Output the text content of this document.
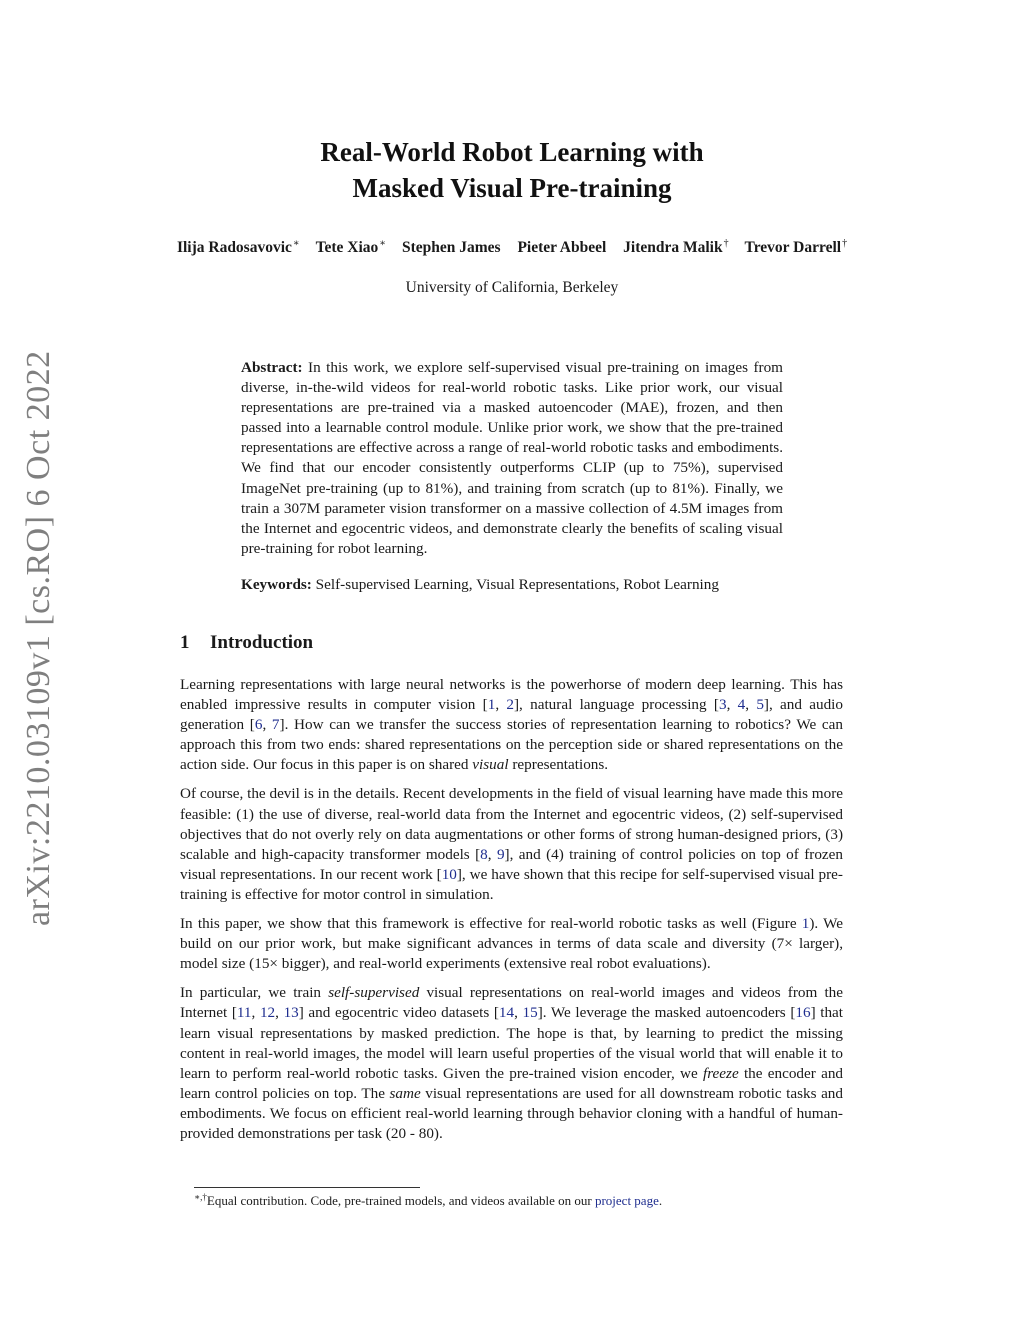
arXiv:2210.03109v1 [cs.RO] 6 Oct 2022
Real-World Robot Learning with
Masked Visual Pre-training
Ilija Radosavovic∗ Tete Xiao∗ Stephen James Pieter Abbeel Jitendra Malik† Trevor Darrell†
University of California, Berkeley
Abstract: In this work, we explore self-supervised visual pre-training on images from diverse, in-the-wild videos for real-world robotic tasks. Like prior work, our visual representations are pre-trained via a masked autoencoder (MAE), frozen, and then passed into a learnable control module. Unlike prior work, we show that the pre-trained representations are effective across a range of real-world robotic tasks and embodiments. We find that our encoder consistently outperforms CLIP (up to 75%), supervised ImageNet pre-training (up to 81%), and training from scratch (up to 81%). Finally, we train a 307M parameter vision transformer on a massive collection of 4.5M images from the Internet and egocentric videos, and demonstrate clearly the benefits of scaling visual pre-training for robot learning.
Keywords: Self-supervised Learning, Visual Representations, Robot Learning
1 Introduction

Learning representations with large neural networks is the powerhorse of modern deep learning. This has enabled impressive results in computer vision [1, 2], natural language processing [3, 4, 5], and audio generation [6, 7]. How can we transfer the success stories of representation learning to robotics? We can approach this from two ends: shared representations on the perception side or shared representations on the action side. Our focus in this paper is on shared visual representations.

Of course, the devil is in the details. Recent developments in the field of visual learning have made this more feasible: (1) the use of diverse, real-world data from the Internet and egocentric videos, (2) self-supervised objectives that do not overly rely on data augmentations or other forms of strong human-designed priors, (3) scalable and high-capacity transformer models [8, 9], and (4) training of control policies on top of frozen visual representations. In our recent work [10], we have shown that this recipe for self-supervised visual pre-training is effective for motor control in simulation.

In this paper, we show that this framework is effective for real-world robotic tasks as well (Figure 1). We build on our prior work, but make significant advances in terms of data scale and diversity (7× larger), model size (15× bigger), and real-world experiments (extensive real robot evaluations).

In particular, we train self-supervised visual representations on real-world images and videos from the Internet [11, 12, 13] and egocentric video datasets [14, 15]. We leverage the masked autoencoders [16] that learn visual representations by masked prediction. The hope is that, by learning to predict the missing content in real-world images, the model will learn useful properties of the visual world that will enable it to learn to perform real-world robotic tasks. Given the pre-trained vision encoder, we freeze the encoder and learn control policies on top. The same visual representations are used for all downstream robotic tasks and embodiments. We focus on efficient real-world learning through behavior cloning with a handful of human-provided demonstrations per task (20 - 80).

∗,†Equal contribution. Code, pre-trained models, and videos available on our project page.
